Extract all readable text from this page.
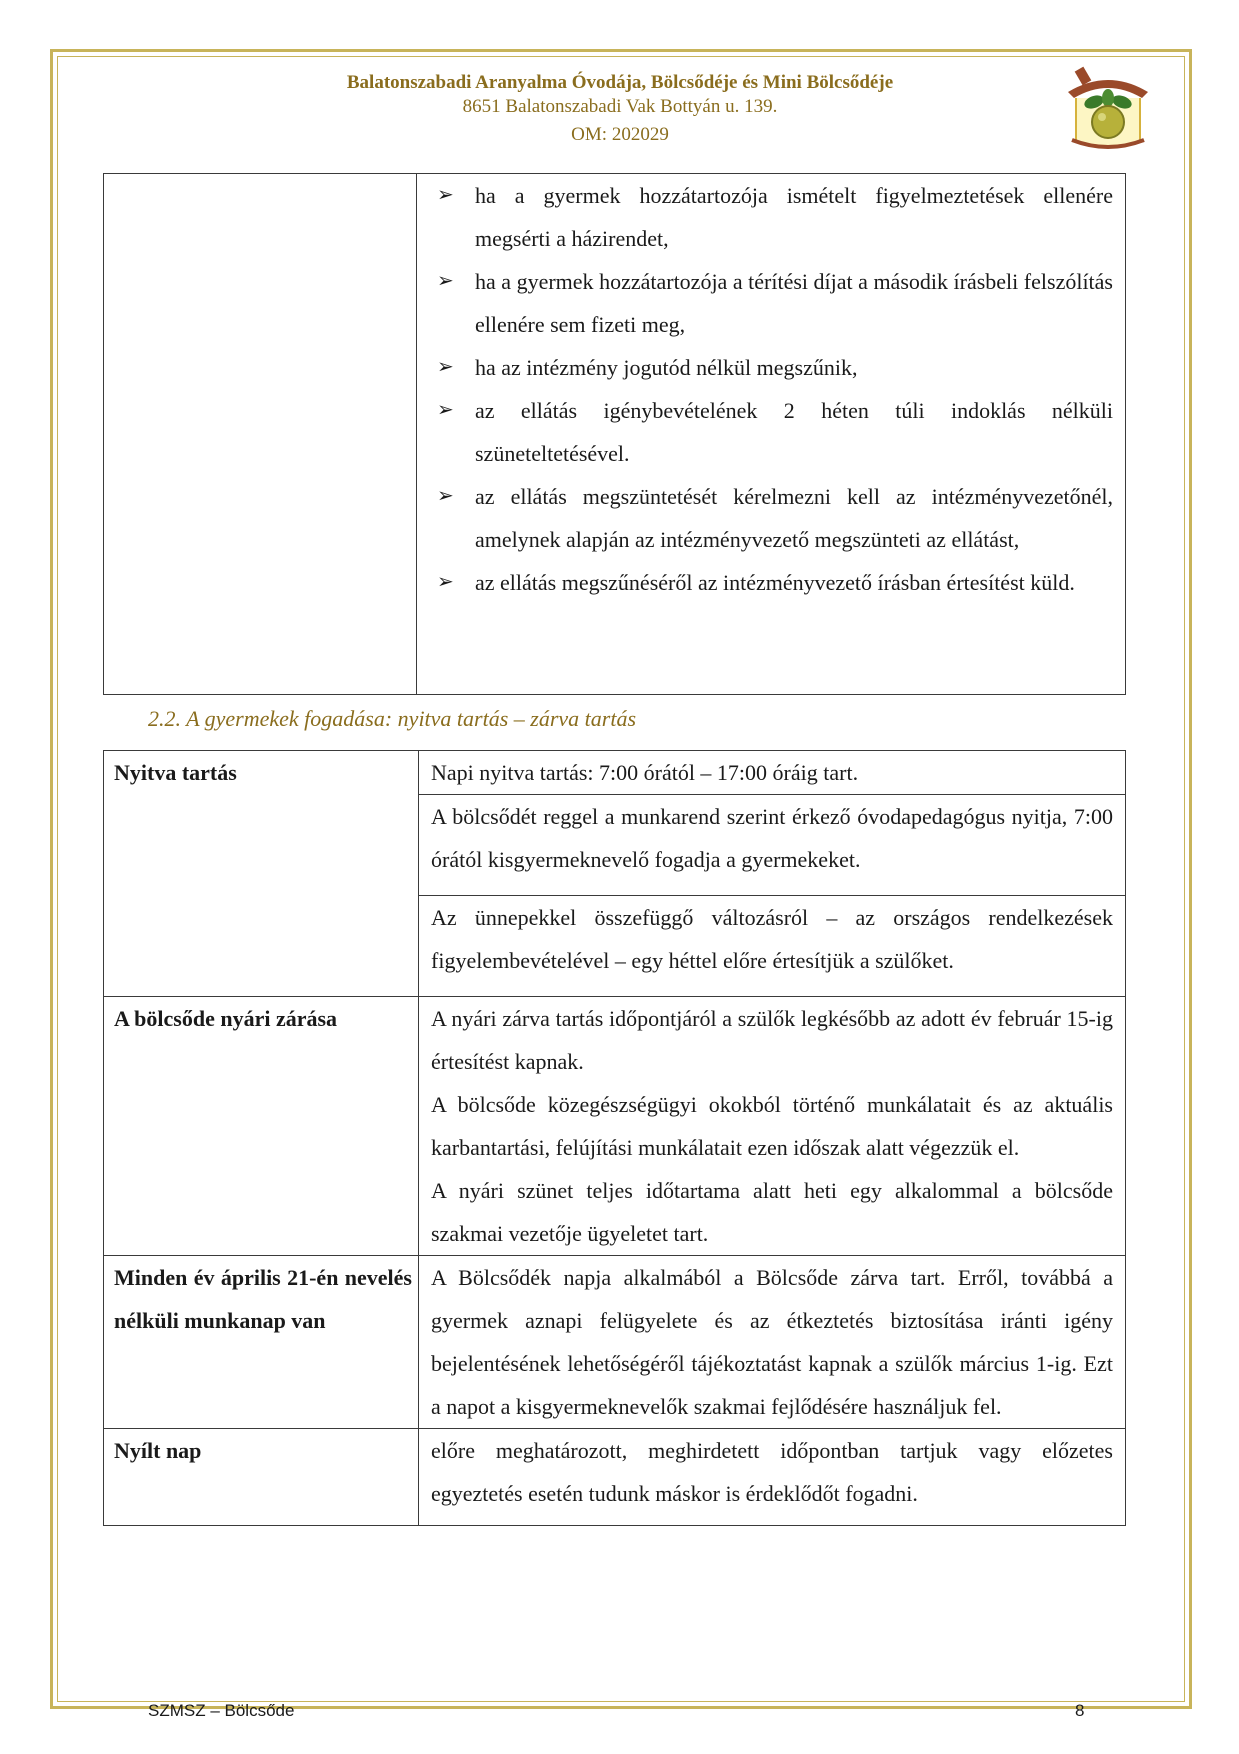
Balatonszabadi Aranyalma Óvodája, Bölcsődéje és Mini Bölcsődéje
8651 Balatonszabadi Vak Bottyán u. 139.
OM: 202029

➢ ha a gyermek hozzátartozója ismételt figyelmeztetések ellenére megsérti a házirendet,
➢ ha a gyermek hozzátartozója a térítési díjat a második írásbeli felszólítás ellenére sem fizeti meg,
➢ ha az intézmény jogutód nélkül megszűnik,
➢ az ellátás igénybevételének 2 héten túli indoklás nélküli szüneteltetésével.
➢ az ellátás megszüntetését kérelmezni kell az intézményvezetőnél, amelynek alapján az intézményvezető megszünteti az ellátást,
➢ az ellátás megszűnéséről az intézményvezető írásban értesítést küld.
2.2. A gyermekek fogadása: nyitva tartás – zárva tartás
Nyitva tartás	Napi nyitva tartás: 7:00 órától – 17:00 óráig tart.

	A bölcsődét reggel a munkarend szerint érkező óvodapedagógus nyitja, 7:00 órától kisgyermeknevelő fogadja a gyermekeket.

	Az ünnepekkel összefüggő változásról – az országos rendelkezések figyelembevételével – egy héttel előre értesítjük a szülőket.

A bölcsőde nyári zárása	A nyári zárva tartás időpontjáról a szülők legkésőbb az adott év február 15-ig értesítést kapnak.

A bölcsőde közegészségügyi okokból történő munkálatait és az aktuális karbantartási, felújítási munkálatait ezen időszak alatt végezzük el.

A nyári szünet teljes időtartama alatt heti egy alkalommal a bölcsőde szakmai vezetője ügyeletet tart.

Minden év április 21-én nevelés nélküli munkanap van	A Bölcsődék napja alkalmából a Bölcsőde zárva tart. Erről, továbbá a gyermek aznapi felügyelete és az étkeztetés biztosítása iránti igény bejelentésének lehetőségéről tájékoztatást kapnak a szülők március 1-ig. Ezt a napot a kisgyermeknevelők szakmai fejlődésére használjuk fel.

Nyílt nap	előre meghatározott, meghirdetett időpontban tartjuk vagy előzetes egyeztetés esetén tudunk máskor is érdeklődőt fogadni.

SZMSZ – Bölcsőde	8
